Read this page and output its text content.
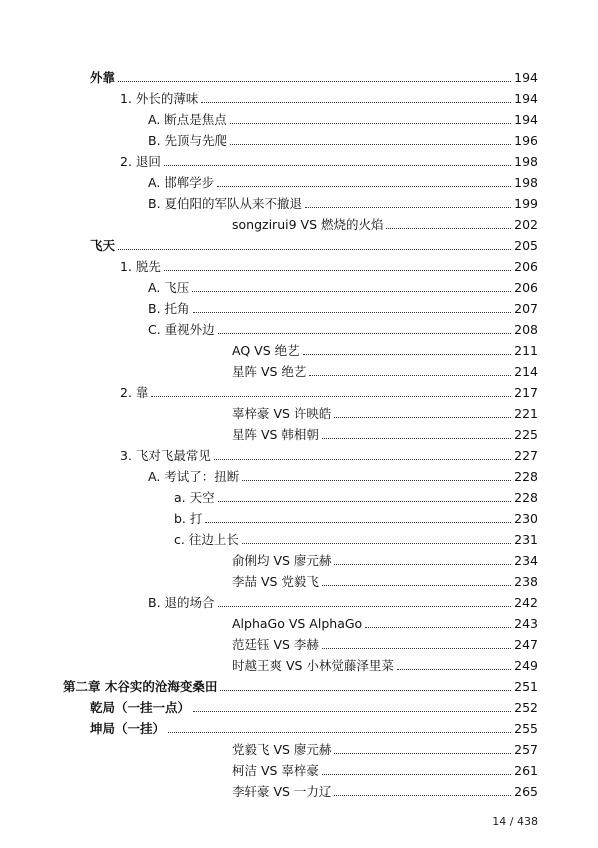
外靠	194
1. 外长的薄味	194
A. 断点是焦点	194
B. 先顶与先爬	196
2. 退回	198
A. 邯郸学步	198
B. 夏伯阳的军队从来不撤退	199
songzirui9 VS 燃烧的火焰	202
飞天	205
1. 脱先	206
A. 飞压	206
B. 托角	207
C. 重视外边	208
AQ VS 绝艺	211
星阵 VS 绝艺	214
2. 靠	217
辜梓豪 VS 许映皓	221
星阵 VS 韩相朝	225
3. 飞对飞最常见	227
A. 考试了：扭断	228
a. 天空	228
b. 打	230
c. 往边上长	231
俞俐均 VS 廖元赫	234
李喆 VS 党毅飞	238
B. 退的场合	242
AlphaGo VS AlphaGo	243
范廷钰 VS 李赫	247
时越王爽 VS 小林觉藤泽里菜	249
第二章 木谷实的沧海变桑田	251
乾局（一挂一点）	252
坤局（一挂）	255
党毅飞 VS 廖元赫	257
柯洁 VS 辜梓豪	261
李轩豪 VS 一力辽	265
14 / 438
